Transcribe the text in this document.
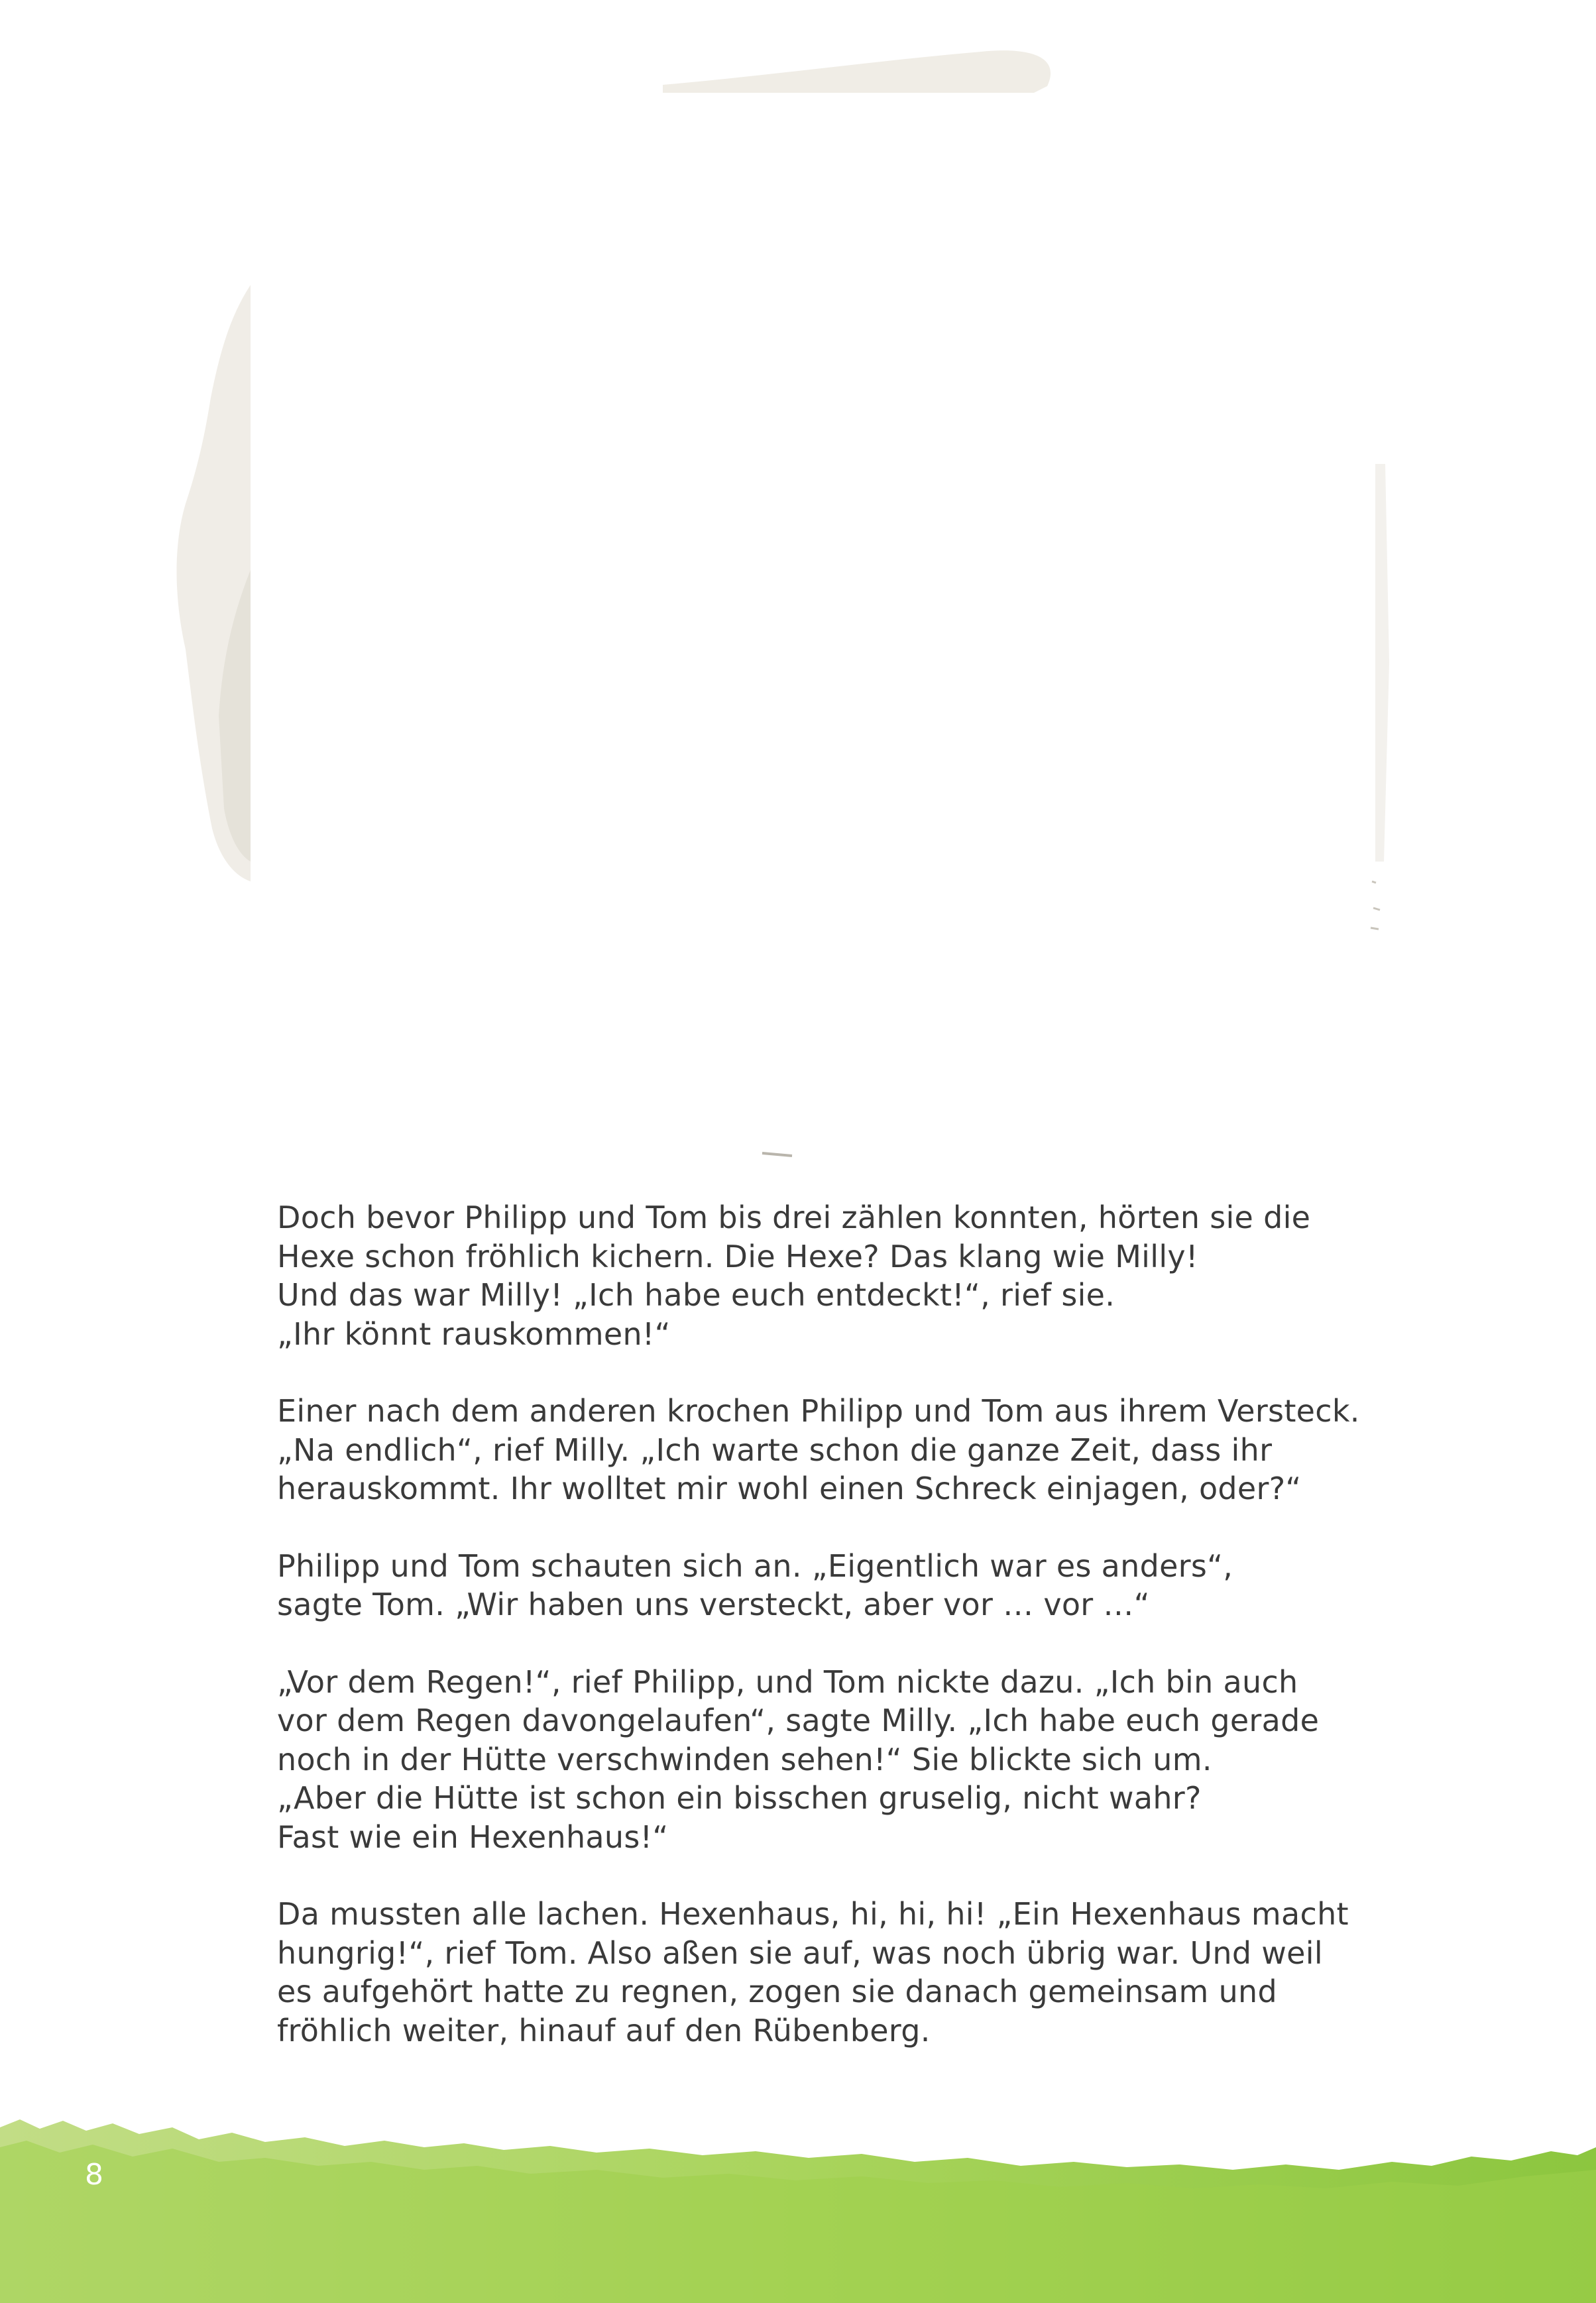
Doch bevor Philipp und Tom bis drei zählen konnten, hörten sie die
Hexe schon fröhlich kichern. Die Hexe? Das klang wie Milly!
Und das war Milly! „Ich habe euch entdeckt!“, rief sie.
„Ihr könnt rauskommen!“

Einer nach dem anderen krochen Philipp und Tom aus ihrem Versteck.
„Na endlich“, rief Milly. „Ich warte schon die ganze Zeit, dass ihr
herauskommt. Ihr wolltet mir wohl einen Schreck einjagen, oder?“

Philipp und Tom schauten sich an. „Eigentlich war es anders“,
sagte Tom. „Wir haben uns versteckt, aber vor … vor …“

„Vor dem Regen!“, rief Philipp, und Tom nickte dazu. „Ich bin auch
vor dem Regen davongelaufen“, sagte Milly. „Ich habe euch gerade
noch in der Hütte verschwinden sehen!“ Sie blickte sich um.
„Aber die Hütte ist schon ein bisschen gruselig, nicht wahr?
Fast wie ein Hexenhaus!“

Da mussten alle lachen. Hexenhaus, hi, hi, hi! „Ein Hexenhaus macht
hungrig!“, rief Tom. Also aßen sie auf, was noch übrig war. Und weil
es aufgehört hatte zu regnen, zogen sie danach gemeinsam und
fröhlich weiter, hinauf auf den Rübenberg.

8
